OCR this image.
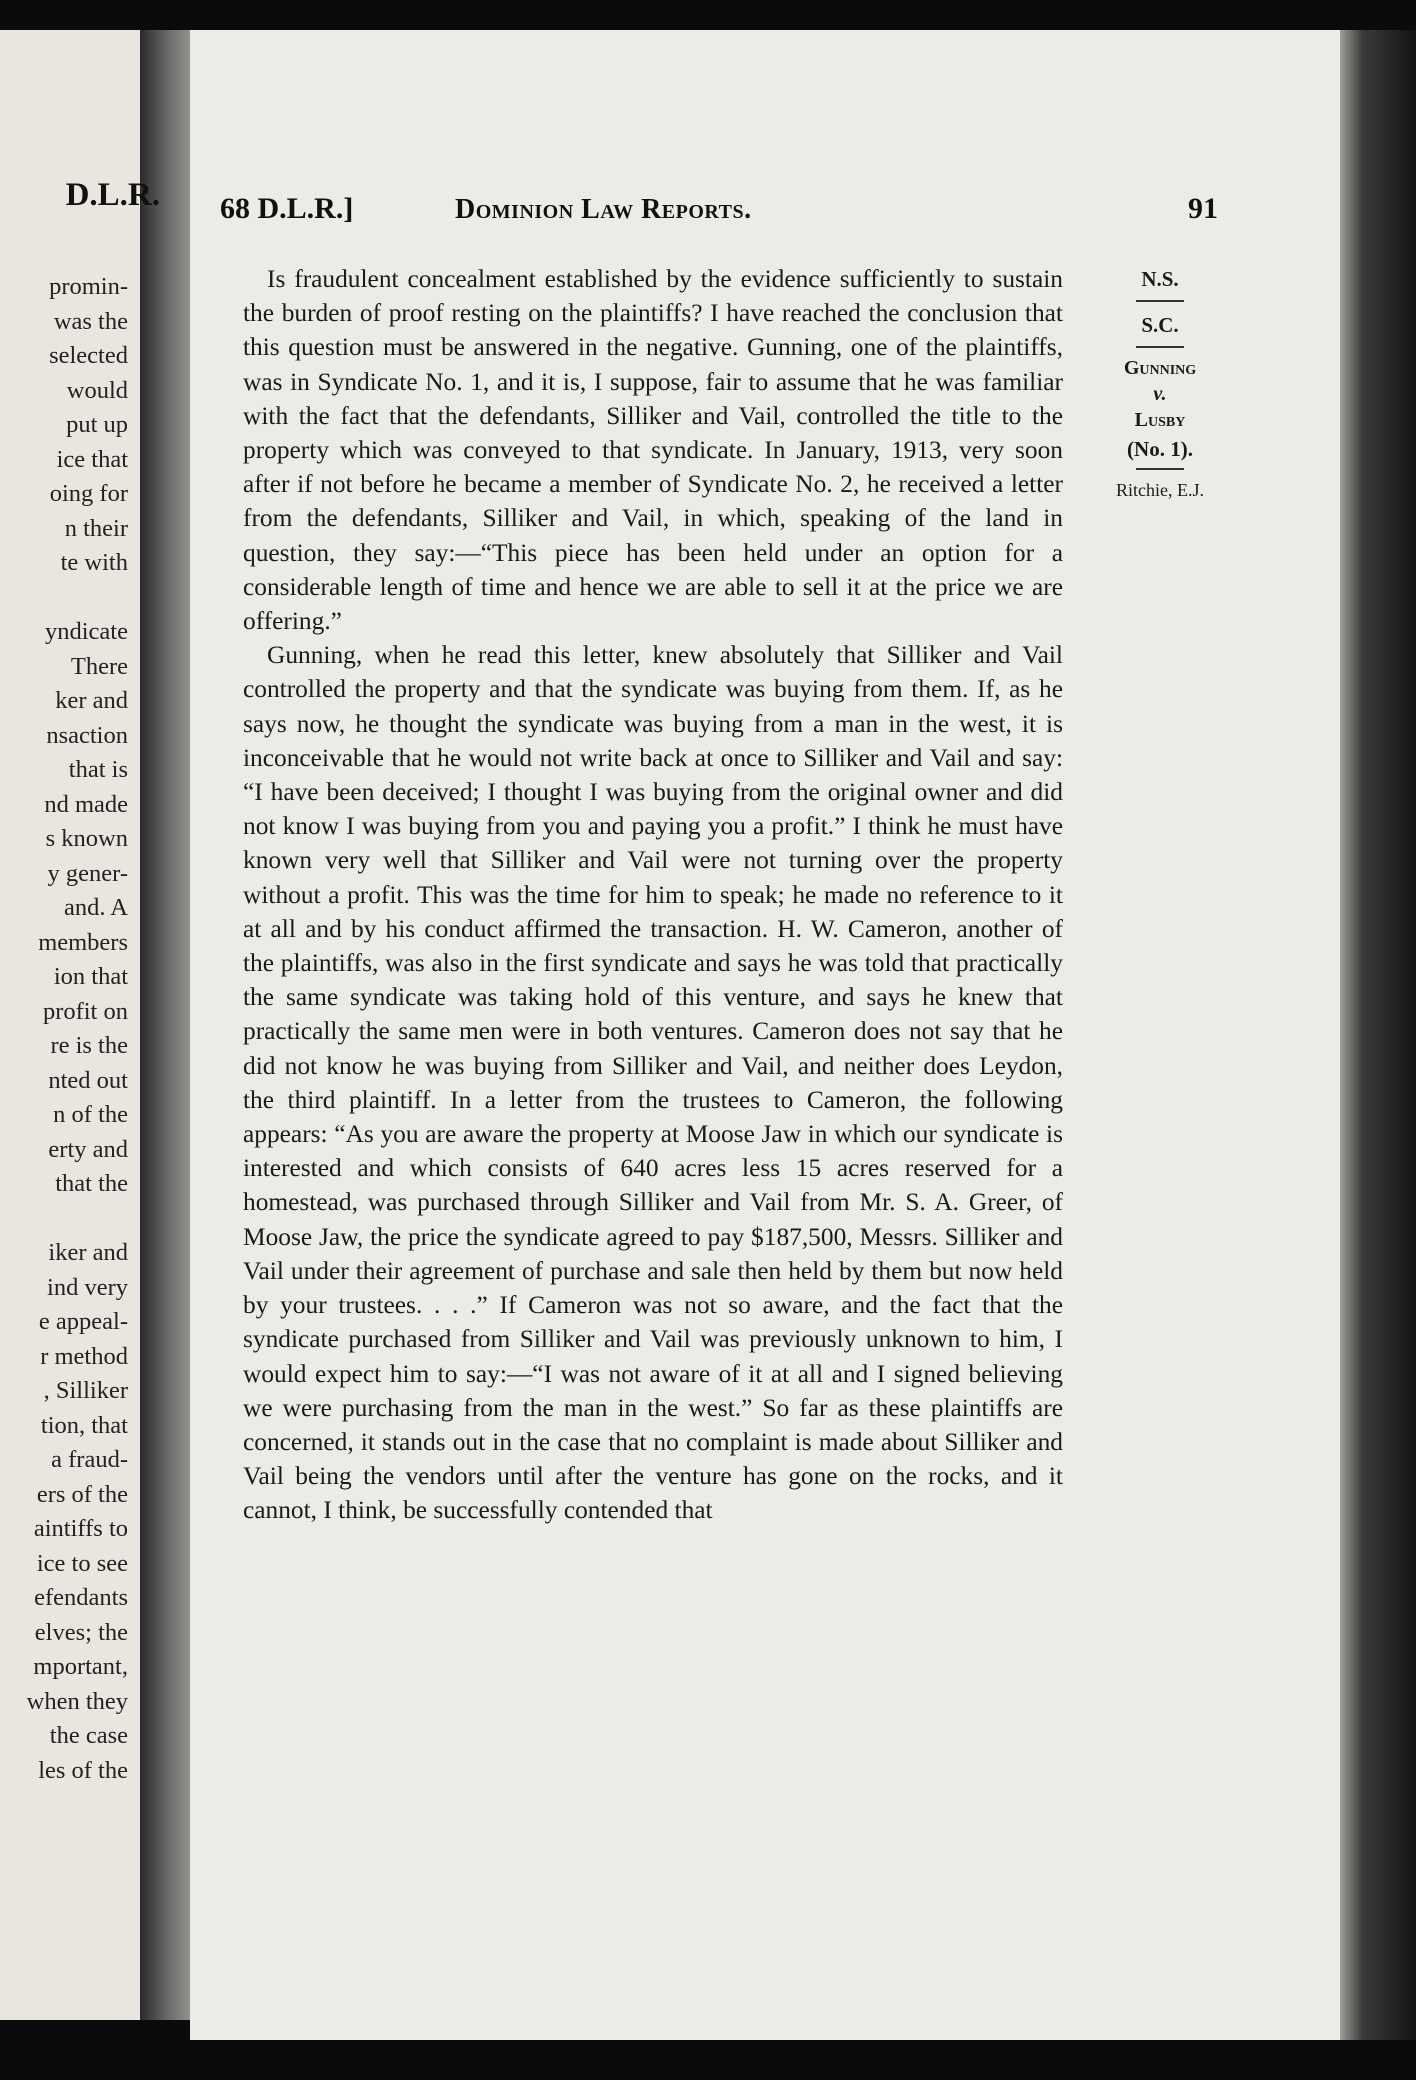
D.L.R.
promin-
was the
selected
would
put up
ice that
oing for
n their
te with
yndicate
There
ker and
nsaction
that is
nd made
s known
y gener-
and. A
members
ion that
profit on
re is the
nted out
n of the
erty and
that the
iker and
ind very
e appeal-
r method
, Silliker
tion, that
a fraud-
ers of the
aintiffs to
ice to see
efendants
elves; the
mportant,
when they
the case
les of the
68 D.L.R.]	Dominion Law Reports.	91

Is fraudulent concealment established by the evidence sufficiently to sustain the burden of proof resting on the plaintiffs? I have reached the conclusion that this question must be answered in the negative. Gunning, one of the plaintiffs, was in Syndicate No. 1, and it is, I suppose, fair to assume that he was familiar with the fact that the defendants, Silliker and Vail, controlled the title to the property which was conveyed to that syndicate. In January, 1913, very soon after if not before he became a member of Syndicate No. 2, he received a letter from the defendants, Silliker and Vail, in which, speaking of the land in question, they say:—“This piece has been held under an option for a considerable length of time and hence we are able to sell it at the price we are offering.”

Gunning, when he read this letter, knew absolutely that Silliker and Vail controlled the property and that the syndicate was buying from them. If, as he says now, he thought the syndicate was buying from a man in the west, it is inconceivable that he would not write back at once to Silliker and Vail and say: “I have been deceived; I thought I was buying from the original owner and did not know I was buying from you and paying you a profit.” I think he must have known very well that Silliker and Vail were not turning over the property without a profit. This was the time for him to speak; he made no reference to it at all and by his conduct affirmed the transaction. H. W. Cameron, another of the plaintiffs, was also in the first syndicate and says he was told that practically the same syndicate was taking hold of this venture, and says he knew that practically the same men were in both ventures. Cameron does not say that he did not know he was buying from Silliker and Vail, and neither does Leydon, the third plaintiff. In a letter from the trustees to Cameron, the following appears: “As you are aware the property at Moose Jaw in which our syndicate is interested and which consists of 640 acres less 15 acres reserved for a homestead, was purchased through Silliker and Vail from Mr. S. A. Greer, of Moose Jaw, the price the syndicate agreed to pay $187,500, Messrs. Silliker and Vail under their agreement of purchase and sale then held by them but now held by your trustees. . . .” If Cameron was not so aware, and the fact that the syndicate purchased from Silliker and Vail was previously unknown to him, I would expect him to say:—“I was not aware of it at all and I signed believing we were purchasing from the man in the west.” So far as these plaintiffs are concerned, it stands out in the case that no complaint is made about Silliker and Vail being the vendors until after the venture has gone on the rocks, and it cannot, I think, be successfully contended that

N.S.
S.C.
Gunning
v.
Lusby
(No. 1).
Ritchie, E.J.
